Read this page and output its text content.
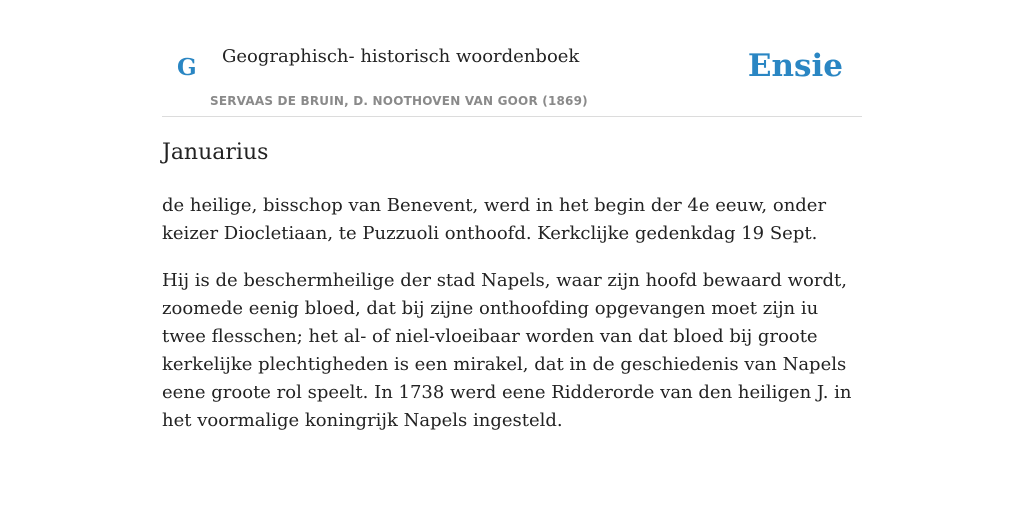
G Geographisch- historisch woordenboek
SERVAAS DE BRUIN, D. NOOTHOVEN VAN GOOR (1869)
Ensie
Januarius

de heilige, bisschop van Benevent, werd in het begin der 4e eeuw, onder keizer Diocletiaan, te Puzzuoli onthoofd. Kerkclijke gedenkdag 19 Sept.

Hij is de beschermheilige der stad Napels, waar zijn hoofd bewaard wordt, zoomede eenig bloed, dat bij zijne onthoofding opgevangen moet zijn iu twee flesschen; het al- of niel-vloeibaar worden van dat bloed bij groote kerkelijke plechtigheden is een mirakel, dat in de geschiedenis van Napels eene groote rol speelt. In 1738 werd eene Ridderorde van den heiligen J. in het voormalige koningrijk Napels ingesteld.
